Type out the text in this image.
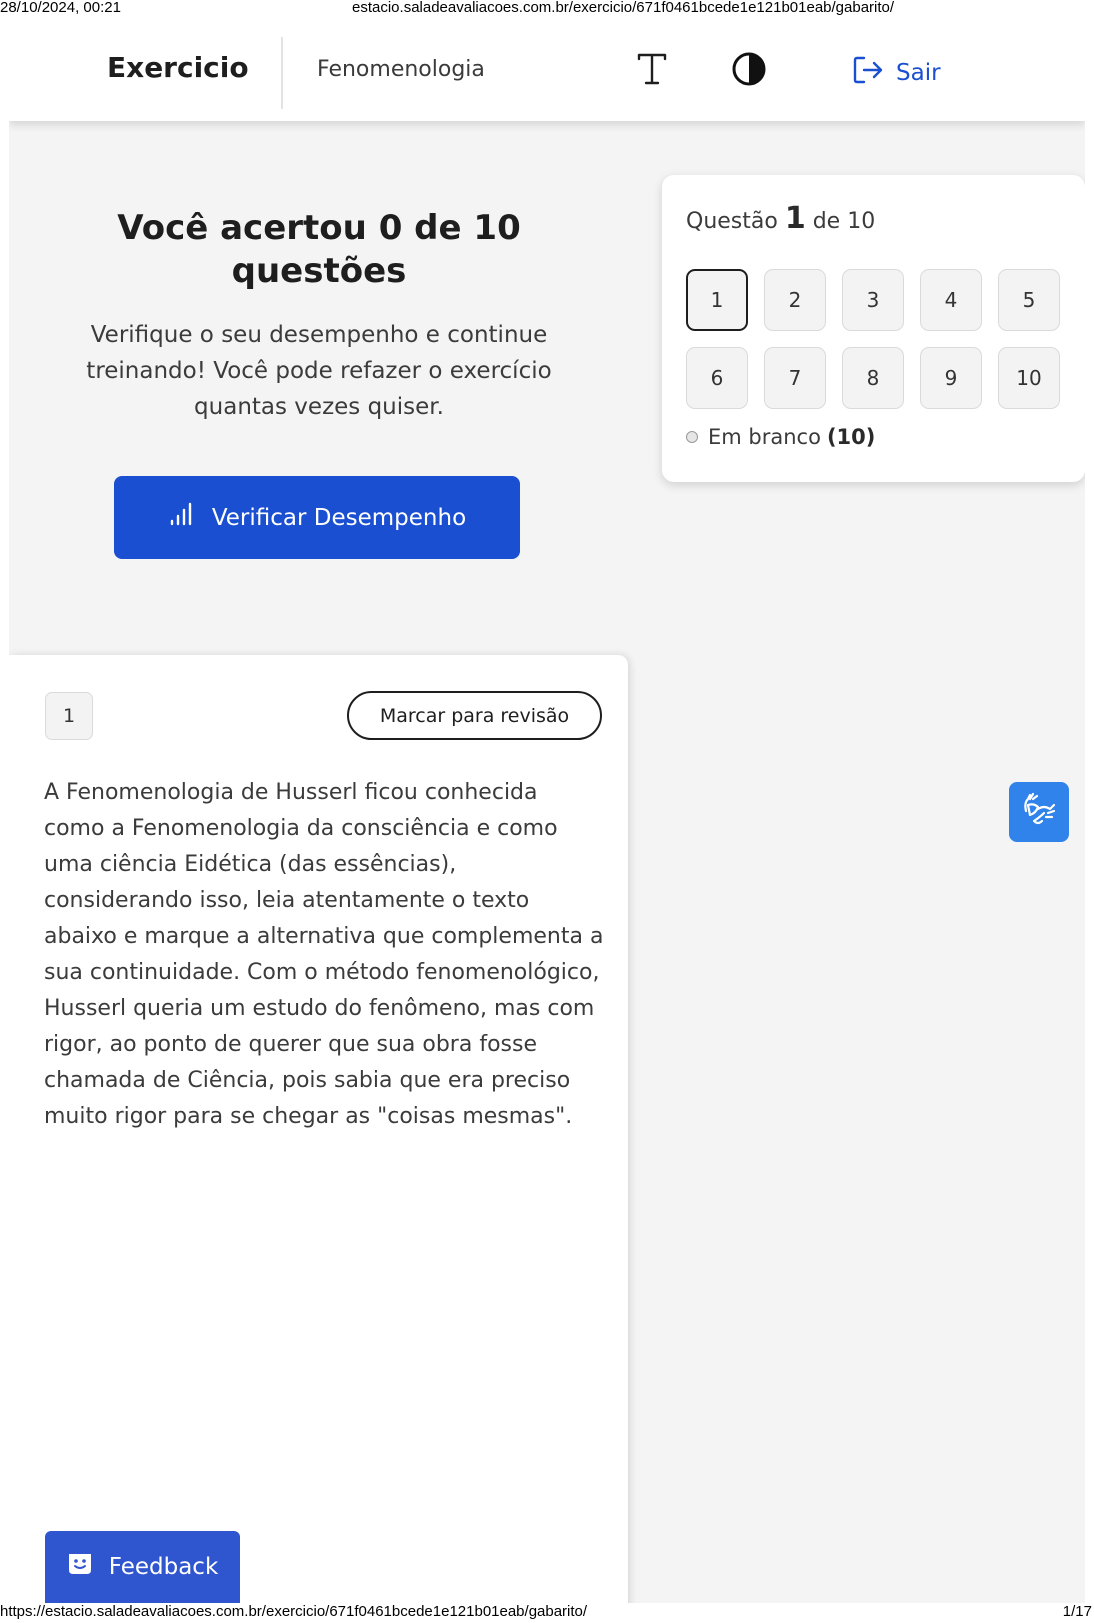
28/10/2024, 00:21	estacio.saladeavaliacoes.com.br/exercicio/671f0461bcede1e121b01eab/gabarito/
Exercicio	Fenomenologia	Sair
Você acertou 0 de 10 questões

Verifique o seu desempenho e continue treinando! Você pode refazer o exercício quantas vezes quiser.

Verificar Desempenho
Questão 1 de 10
1	2	3	4	5
6	7	8	9	10
Em branco (10)
1	Marcar para revisão

A Fenomenologia de Husserl ficou conhecida como a Fenomenologia da consciência e como uma ciência Eidética (das essências), considerando isso, leia atentamente o texto abaixo e marque a alternativa que complementa a sua continuidade. Com o método fenomenológico, Husserl queria um estudo do fenômeno, mas com rigor, ao ponto de querer que sua obra fosse chamada de Ciência, pois sabia que era preciso muito rigor para se chegar as "coisas mesmas".

Feedback
https://estacio.saladeavaliacoes.com.br/exercicio/671f0461bcede1e121b01eab/gabarito/	1/17
